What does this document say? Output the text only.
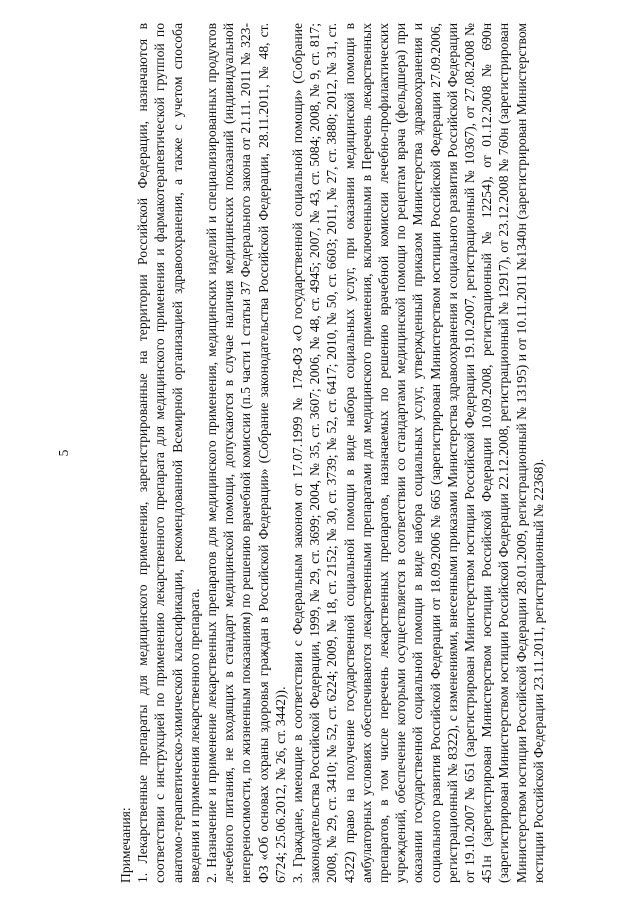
5

Примечания: 1. Лекарственные препараты для медицинского применения, зарегистрированные на территории Российской Федерации, назначаются в соответствии с инструкцией по применению лекарственного препарата для медицинского применения и фармакотерапевтической группой по анатомо-терапевтическо-химической классификации, рекомендованной Всемирной организацией здравоохранения, а также с учетом способа введения и применения лекарственного препарата. 2. Назначение и применение лекарственных препаратов для медицинского применения, медицинских изделий и специализированных продуктов лечебного питания, не входящих в стандарт медицинской помощи, допускаются в случае наличия медицинских показаний (индивидуальной непереносимости, по жизненным показаниям) по решению врачебной комиссии (п.5 части 1 статьи 37 Федерального закона от 21.11. 2011 № 323-ФЗ «Об основах охраны здоровья граждан в Российской Федерации» (Собрание законодательства Российской Федерации, 28.11.2011, № 48, ст. 6724; 25.06.2012, № 26, ст. 3442)). 3. Граждане, имеющие в соответствии с Федеральным законом от 17.07.1999 № 178-ФЗ «О государственной социальной помощи» (Собрание законодательства Российской Федерации, 1999, № 29, ст. 3699; 2004, № 35, ст. 3607; 2006, № 48, ст. 4945; 2007, № 43, ст. 5084; 2008, № 9, ст. 817; 2008, № 29, ст. 3410; № 52, ст. 6224; 2009, № 18, ст. 2152; № 30, ст. 3739; № 52, ст. 6417; 2010, № 50, ст. 6603; 2011, № 27, ст. 3880; 2012, № 31, ст. 4322) право на получение государственной социальной помощи в виде набора социальных услуг, при оказании медицинской помощи в амбулаторных условиях обеспечиваются лекарственными препаратами для медицинского применения, включенными в Перечень лекарственных препаратов, в том числе перечень лекарственных препаратов, назначаемых по решению врачебной комиссии лечебно-профилактических учреждений, обеспечение которыми осуществляется в соответствии со стандартами медицинской помощи по рецептам врача (фельдшера) при оказании государственной социальной помощи в виде набора социальных услуг, утвержденный приказом Министерства здравоохранения и социального развития Российской Федерации от 18.09.2006 № 665 (зарегистрирован Министерством юстиции Российской Федерации 27.09.2006, регистрационный № 8322), с изменениями, внесенными приказами Министерства здравоохранения и социального развития Российской Федерации от 19.10.2007 № 651 (зарегистрирован Министерством юстиции Российской Федерации 19.10.2007, регистрационный № 10367), от 27.08.2008 № 451н (зарегистрирован Министерством юстиции Российской Федерации 10.09.2008, регистрационный № 12254), от 01.12.2008 № 690н (зарегистрирован Министерством юстиции Российской Федерации 22.12.2008, регистрационный № 12917), от 23.12.2008 № 760н (зарегистрирован Министерством юстиции Российской Федерации 28.01.2009, регистрационный № 13195) и от 10.11.2011 №1340н (зарегистрирован Министерством юстиции Российской Федерации 23.11.2011, регистрационный № 22368).
